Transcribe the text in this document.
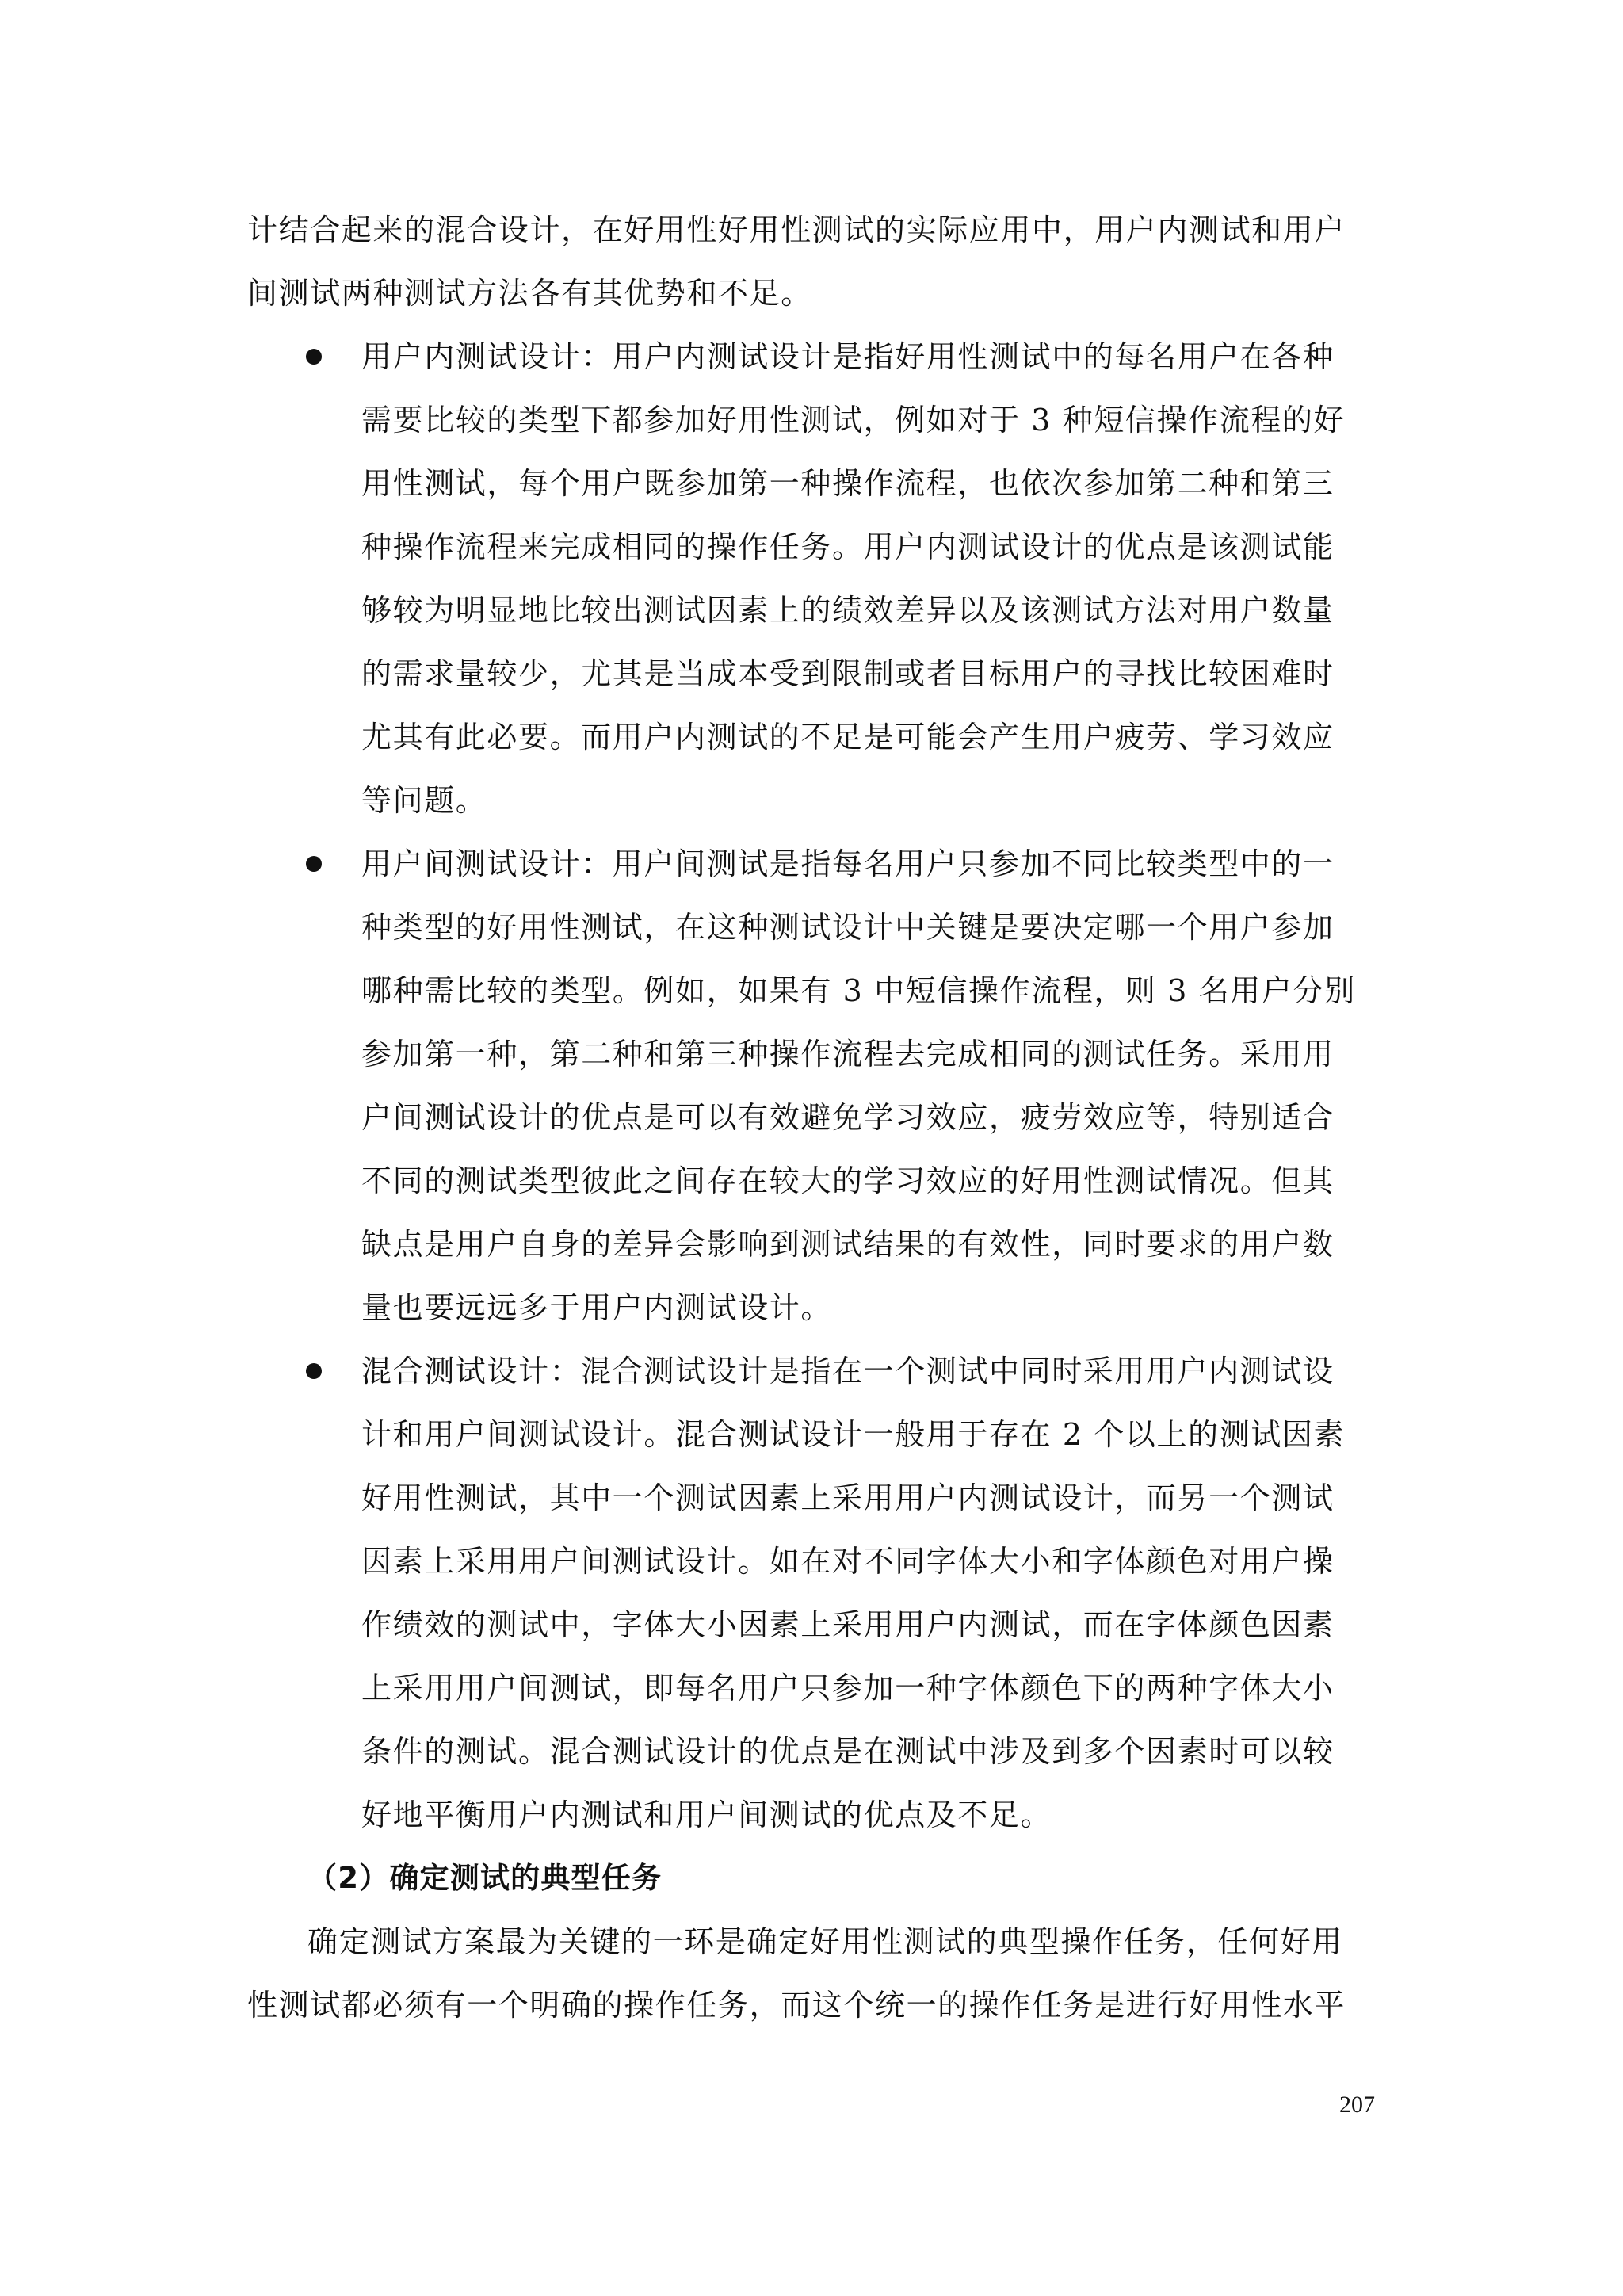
计结合起来的混合设计，在好用性好用性测试的实际应用中，用户内测试和用户
间测试两种测试方法各有其优势和不足。
用户内测试设计：用户内测试设计是指好用性测试中的每名用户在各种
需要比较的类型下都参加好用性测试，例如对于 3 种短信操作流程的好
用性测试，每个用户既参加第一种操作流程，也依次参加第二种和第三
种操作流程来完成相同的操作任务。用户内测试设计的优点是该测试能
够较为明显地比较出测试因素上的绩效差异以及该测试方法对用户数量
的需求量较少，尤其是当成本受到限制或者目标用户的寻找比较困难时
尤其有此必要。而用户内测试的不足是可能会产生用户疲劳、学习效应
等问题。
用户间测试设计：用户间测试是指每名用户只参加不同比较类型中的一
种类型的好用性测试，在这种测试设计中关键是要决定哪一个用户参加
哪种需比较的类型。例如，如果有 3 中短信操作流程，则 3 名用户分别
参加第一种，第二种和第三种操作流程去完成相同的测试任务。采用用
户间测试设计的优点是可以有效避免学习效应，疲劳效应等，特别适合
不同的测试类型彼此之间存在较大的学习效应的好用性测试情况。但其
缺点是用户自身的差异会影响到测试结果的有效性，同时要求的用户数
量也要远远多于用户内测试设计。
混合测试设计：混合测试设计是指在一个测试中同时采用用户内测试设
计和用户间测试设计。混合测试设计一般用于存在 2 个以上的测试因素
好用性测试，其中一个测试因素上采用用户内测试设计，而另一个测试
因素上采用用户间测试设计。如在对不同字体大小和字体颜色对用户操
作绩效的测试中，字体大小因素上采用用户内测试，而在字体颜色因素
上采用用户间测试，即每名用户只参加一种字体颜色下的两种字体大小
条件的测试。混合测试设计的优点是在测试中涉及到多个因素时可以较
好地平衡用户内测试和用户间测试的优点及不足。
（2）确定测试的典型任务
确定测试方案最为关键的一环是确定好用性测试的典型操作任务，任何好用
性测试都必须有一个明确的操作任务，而这个统一的操作任务是进行好用性水平
207
